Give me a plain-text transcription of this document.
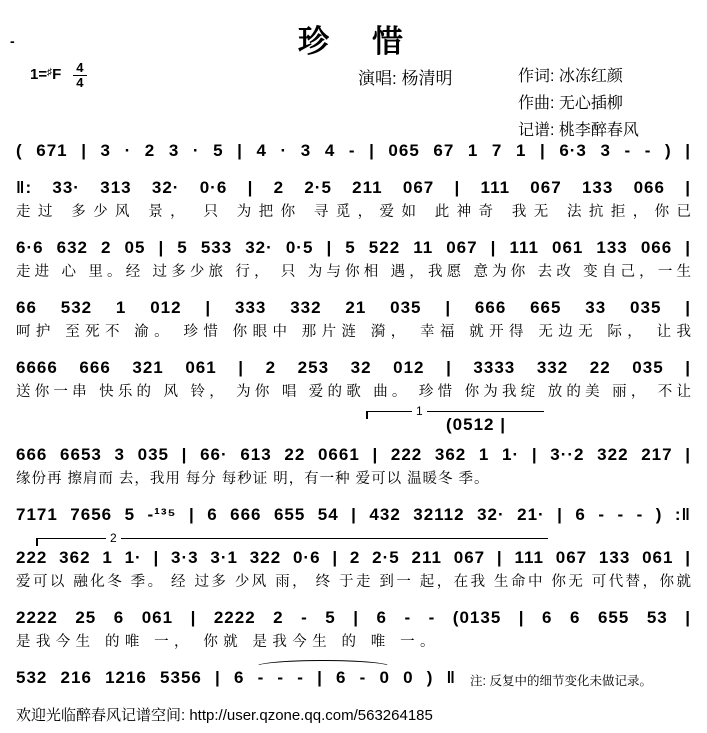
-	珍　惜
$1=^♯F \frac{4}{4}$	演唱: 杨清明	作词: 冰冻红颜
作曲: 无心插柳
记谱: 桃李醉春风
( 671 | 3 · 2 3 · 5 | 4 · 3 4 - | 065 67 1 7 1 | 6·3 3 - - ) |
‖: 33· 313 32· 0·6 | 2 2·5 211 067 | 111 067 133 066 |
走过 多少风 景， 只 为把你 寻觅，爱如 此神奇 我无 法抗拒，你已
6·6 632 2 05 | 5 533 32· 0·5 | 5 522 11 067 | 111 061 133 066 |
走进 心 里。经 过多少旅 行， 只 为与你相 遇，我愿 意为你 去改 变自己，一生
66 532 1 012 | 333 332 21 035 | 666 665 33 035 |
呵护 至死不 渝。 珍惜 你眼中 那片涟 漪， 幸福 就开得 无边无 际， 让我
6666 666 321 061 | 2 253 32 012 | 3333 332 22 035 |
送你一串 快乐的 风 铃， 为你 唱 爱的歌 曲。 珍惜 你为我绽 放的美 丽， 不让
1
(0512 |
666 6653 3 035 | 66· 613 22 0661 | 222 362 1 1· | 3··2 322 217 |
缘份再 擦肩而 去，我用 每分 每秒证 明，有一种 爱可以 温暖冬 季。
7171 7656 5 -¹³⁵ | 6 666 655 54 | 432 32112 32· 21· | 6 - - - ) :‖
2
222 362 1 1· | 3·3 3·1 322 0·6 | 2 2·5 211 067 | 111 067 133 061 |
爱可以 融化冬 季。 经 过多 少风 雨， 终 于走 到一 起，在我 生命中 你无 可代替，你就
2222 25 6 061 | 2222 2 - 5 | 6 - - (0135 | 6 6 655 53 |
是我今生 的唯 一， 你就 是我今生 的 唯 一。
532 216 1216 5356 | 6 - - - | 6 - 0 0 ) ‖ 注: 反复中的细节变化未做记录。
欢迎光临醉春风记谱空间: http://user.qzone.qq.com/563264185
